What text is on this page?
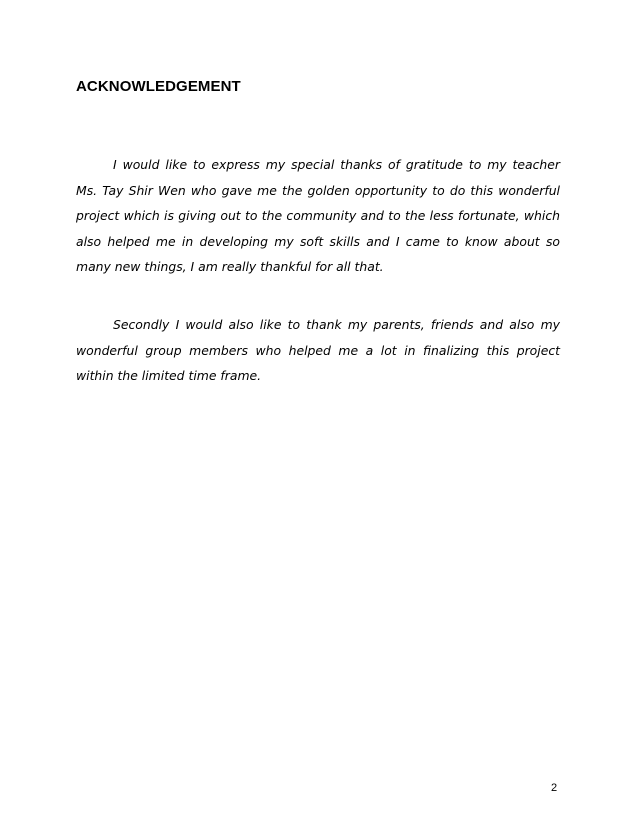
ACKNOWLEDGEMENT

I would like to express my special thanks of gratitude to my teacher Ms. Tay Shir Wen who gave me the golden opportunity to do this wonderful project which is giving out to the community and to the less fortunate, which also helped me in developing my soft skills and I came to know about so many new things, I am really thankful for all that.

Secondly I would also like to thank my parents, friends and also my wonderful group members who helped me a lot in finalizing this project within the limited time frame.

2
